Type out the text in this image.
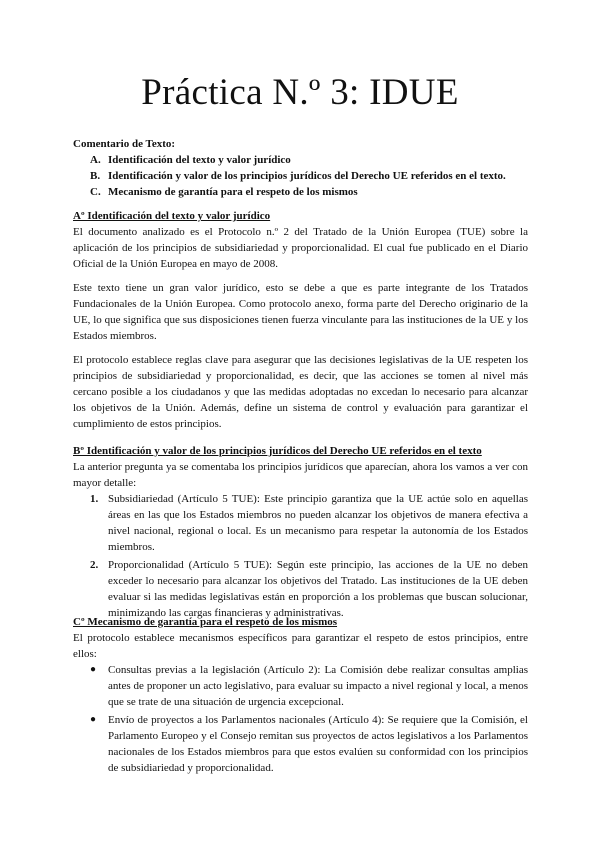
Práctica N.º 3: IDUE
Comentario de Texto:
A. Identificación del texto y valor jurídico
B. Identificación y valor de los principios jurídicos del Derecho UE referidos en el texto.
C. Mecanismo de garantía para el respeto de los mismos
Aº Identificación del texto y valor jurídico

El documento analizado es el Protocolo n.º 2 del Tratado de la Unión Europea (TUE) sobre la aplicación de los principios de subsidiariedad y proporcionalidad. El cual fue publicado en el Diario Oficial de la Unión Europea en mayo de 2008.

Este texto tiene un gran valor jurídico, esto se debe a que es parte integrante de los Tratados Fundacionales de la Unión Europea. Como protocolo anexo, forma parte del Derecho originario de la UE, lo que significa que sus disposiciones tienen fuerza vinculante para las instituciones de la UE y los Estados miembros.

El protocolo establece reglas clave para asegurar que las decisiones legislativas de la UE respeten los principios de subsidiariedad y proporcionalidad, es decir, que las acciones se tomen al nivel más cercano posible a los ciudadanos y que las medidas adoptadas no excedan lo necesario para alcanzar los objetivos de la Unión. Además, define un sistema de control y evaluación para garantizar el cumplimiento de estos principios.

Bº Identificación y valor de los principios jurídicos del Derecho UE referidos en el texto

La anterior pregunta ya se comentaba los principios jurídicos que aparecían, ahora los vamos a ver con mayor detalle:

1. Subsidiariedad (Artículo 5 TUE): Este principio garantiza que la UE actúe solo en aquellas áreas en las que los Estados miembros no pueden alcanzar los objetivos de manera efectiva a nivel nacional, regional o local. Es un mecanismo para respetar la autonomía de los Estados miembros.
2. Proporcionalidad (Artículo 5 TUE): Según este principio, las acciones de la UE no deben exceder lo necesario para alcanzar los objetivos del Tratado. Las instituciones de la UE deben evaluar si las medidas legislativas están en proporción a los problemas que buscan solucionar, minimizando las cargas financieras y administrativas.
Cº Mecanismo de garantía para el respeto de los mismos

El protocolo establece mecanismos específicos para garantizar el respeto de estos principios, entre ellos:

● Consultas previas a la legislación (Artículo 2): La Comisión debe realizar consultas amplias antes de proponer un acto legislativo, para evaluar su impacto a nivel regional y local, a menos que se trate de una situación de urgencia excepcional.
● Envío de proyectos a los Parlamentos nacionales (Artículo 4): Se requiere que la Comisión, el Parlamento Europeo y el Consejo remitan sus proyectos de actos legislativos a los Parlamentos nacionales de los Estados miembros para que estos evalúen su conformidad con los principios de subsidiariedad y proporcionalidad.
